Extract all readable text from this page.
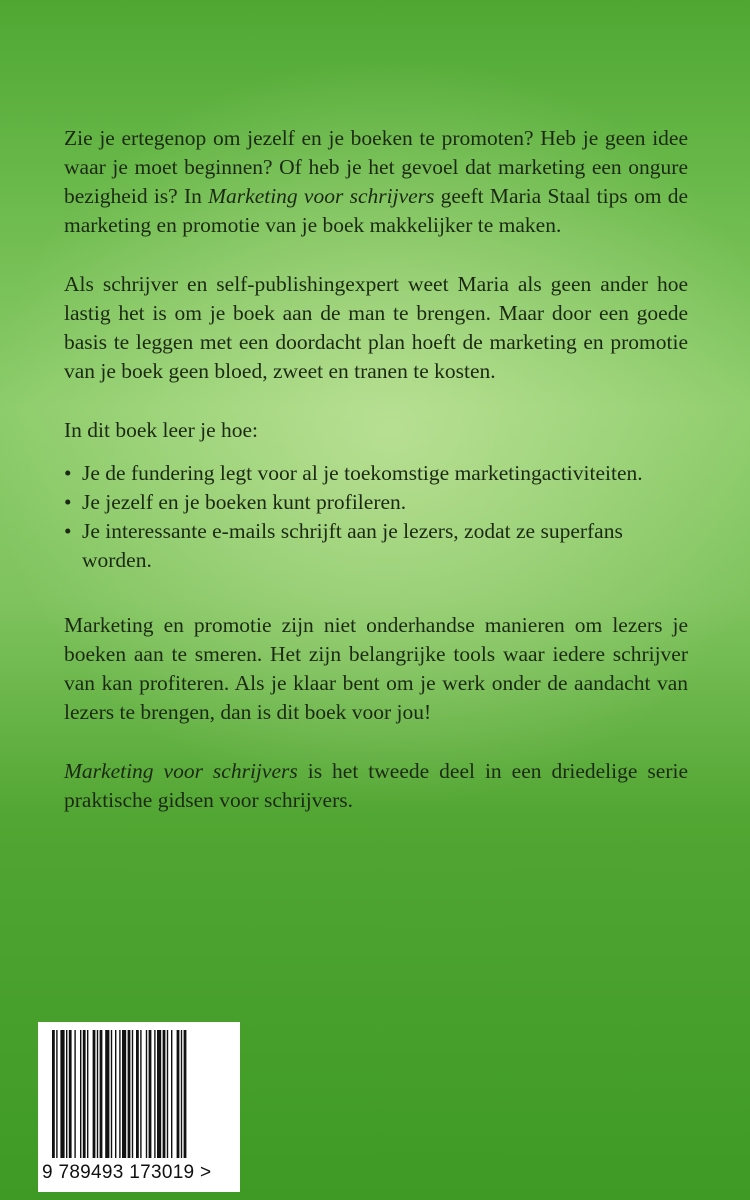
Zie je ertegenop om jezelf en je boeken te promoten? Heb je geen idee waar je moet beginnen? Of heb je het gevoel dat marketing een ongure bezigheid is? In Marketing voor schrijvers geeft Maria Staal tips om de marketing en promotie van je boek makkelijker te maken.

Als schrijver en self-publishingexpert weet Maria als geen ander hoe lastig het is om je boek aan de man te brengen. Maar door een goede basis te leggen met een doordacht plan hoeft de marketing en promotie van je boek geen bloed, zweet en tranen te kosten.

In dit boek leer je hoe:

• Je de fundering legt voor al je toekomstige marketingactiviteiten.
• Je jezelf en je boeken kunt profileren.
• Je interessante e-mails schrijft aan je lezers, zodat ze superfans worden.

Marketing en promotie zijn niet onderhandse manieren om lezers je boeken aan te smeren. Het zijn belangrijke tools waar iedere schrijver van kan profiteren. Als je klaar bent om je werk onder de aandacht van lezers te brengen, dan is dit boek voor jou!

Marketing voor schrijvers is het tweede deel in een driedelige serie praktische gidsen voor schrijvers.

9 789493 173019 >
